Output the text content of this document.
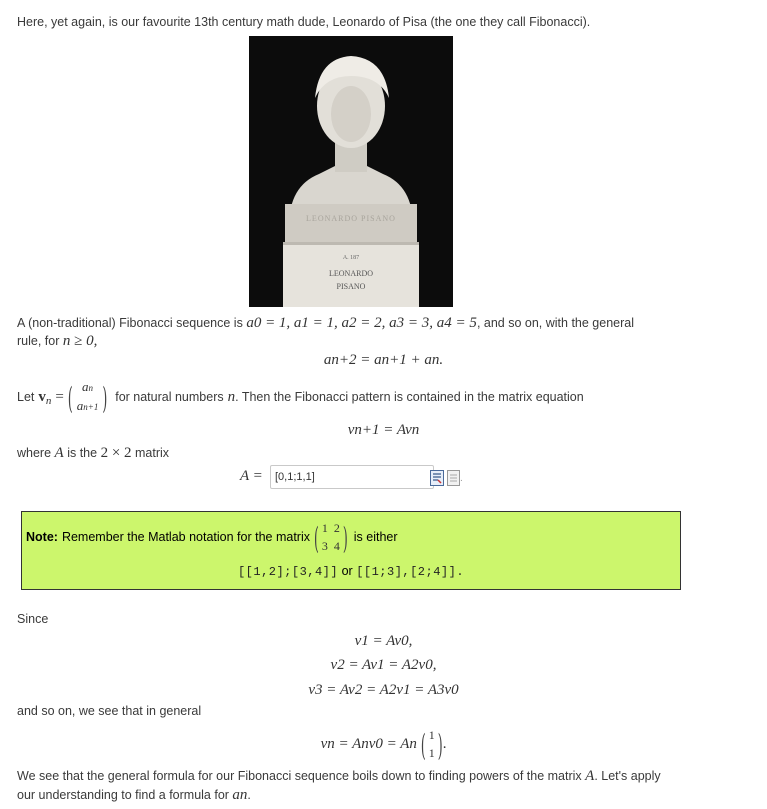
Here, yet again, is our favourite 13th century math dude, Leonardo of Pisa (the one they call Fibonacci).
LEONARDO PISANO
A. 187
LEONARDO
PISANO
A (non-traditional) Fibonacci sequence is a0 = 1, a1 = 1, a2 = 2, a3 = 3, a4 = 5, and so on, with the general
rule, for n ≥ 0,
an+2 = an+1 + an.
Let v n = ( an
an+1 ) for natural numbers n . Then the Fibonacci pattern is contained in the matrix equation
vn+1 = Avn
where A is the 2 × 2 matrix
A =
[0,1;1,1]	.
Note: Remember the Matlab notation for the matrix ( 1 2
3 4 ) is either
[[1,2];[3,4]] or [[1;3],[2;4]].
Since
v1 = Av0,
v2 = Av1 = A2v0,
v3 = Av2 = A2v1 = A3v0
and so on, we see that in general
vn = Anv0 = An ( 1
1 ) .
We see that the general formula for our Fibonacci sequence boils down to finding powers of the matrix A. Let's apply
our understanding to find a formula for an.
